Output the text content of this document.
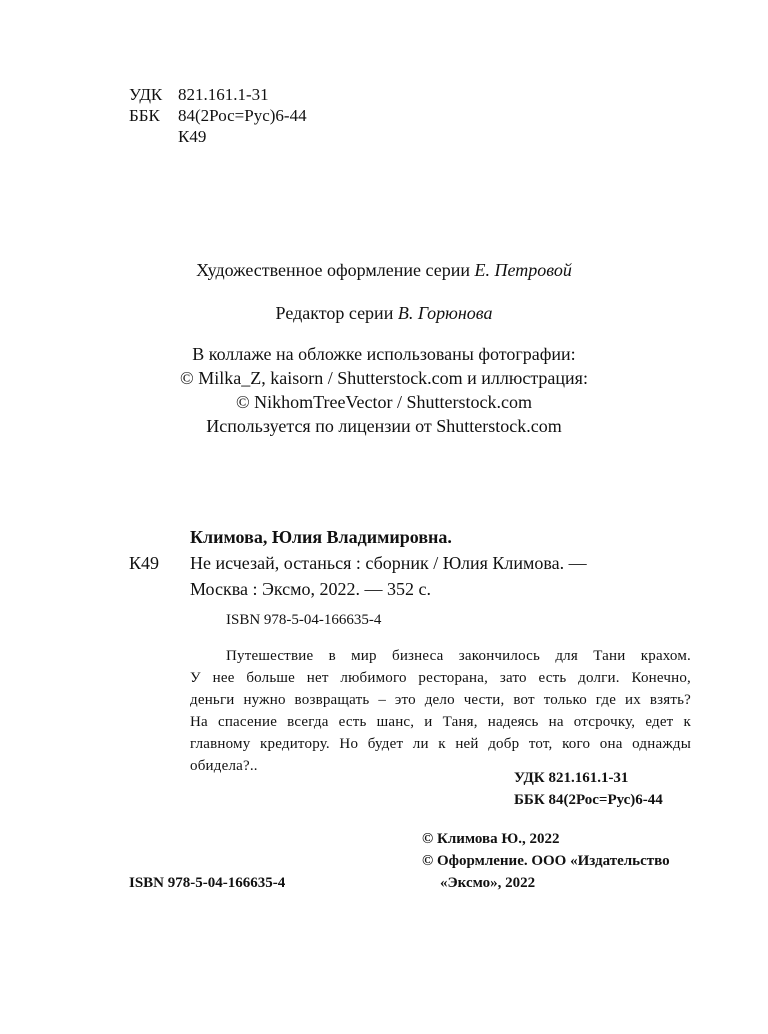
УДК 821.161.1-31
ББК 84(2Рос=Рус)6-44
К49
Художественное оформление серии Е. Петровой
Редактор серии В. Горюнова
В коллаже на обложке использованы фотографии:
© Milka_Z, kaisorn / Shutterstock.com и иллюстрация:
© NikhomTreeVector / Shutterstock.com
Используется по лицензии от Shutterstock.com
Климова, Юлия Владимировна.
К49 Не исчезай, останься : сборник / Юлия Климова. —
Москва : Эксмо, 2022. — 352 с.
ISBN 978-5-04-166635-4
Путешествие в мир бизнеса закончилось для Тани крахом.
У нее больше нет любимого ресторана, зато есть долги. Конечно,
деньги нужно возвращать – это дело чести, вот только где их взять?
На спасение всегда есть шанс, и Таня, надеясь на отсрочку, едет к
главному кредитору. Но будет ли к ней добр тот, кого она однажды
обидела?..
УДК 821.161.1-31
ББК 84(2Рос=Рус)6-44
© Климова Ю., 2022
© Оформление. ООО «Издательство
«Эксмо», 2022
ISBN 978-5-04-166635-4
